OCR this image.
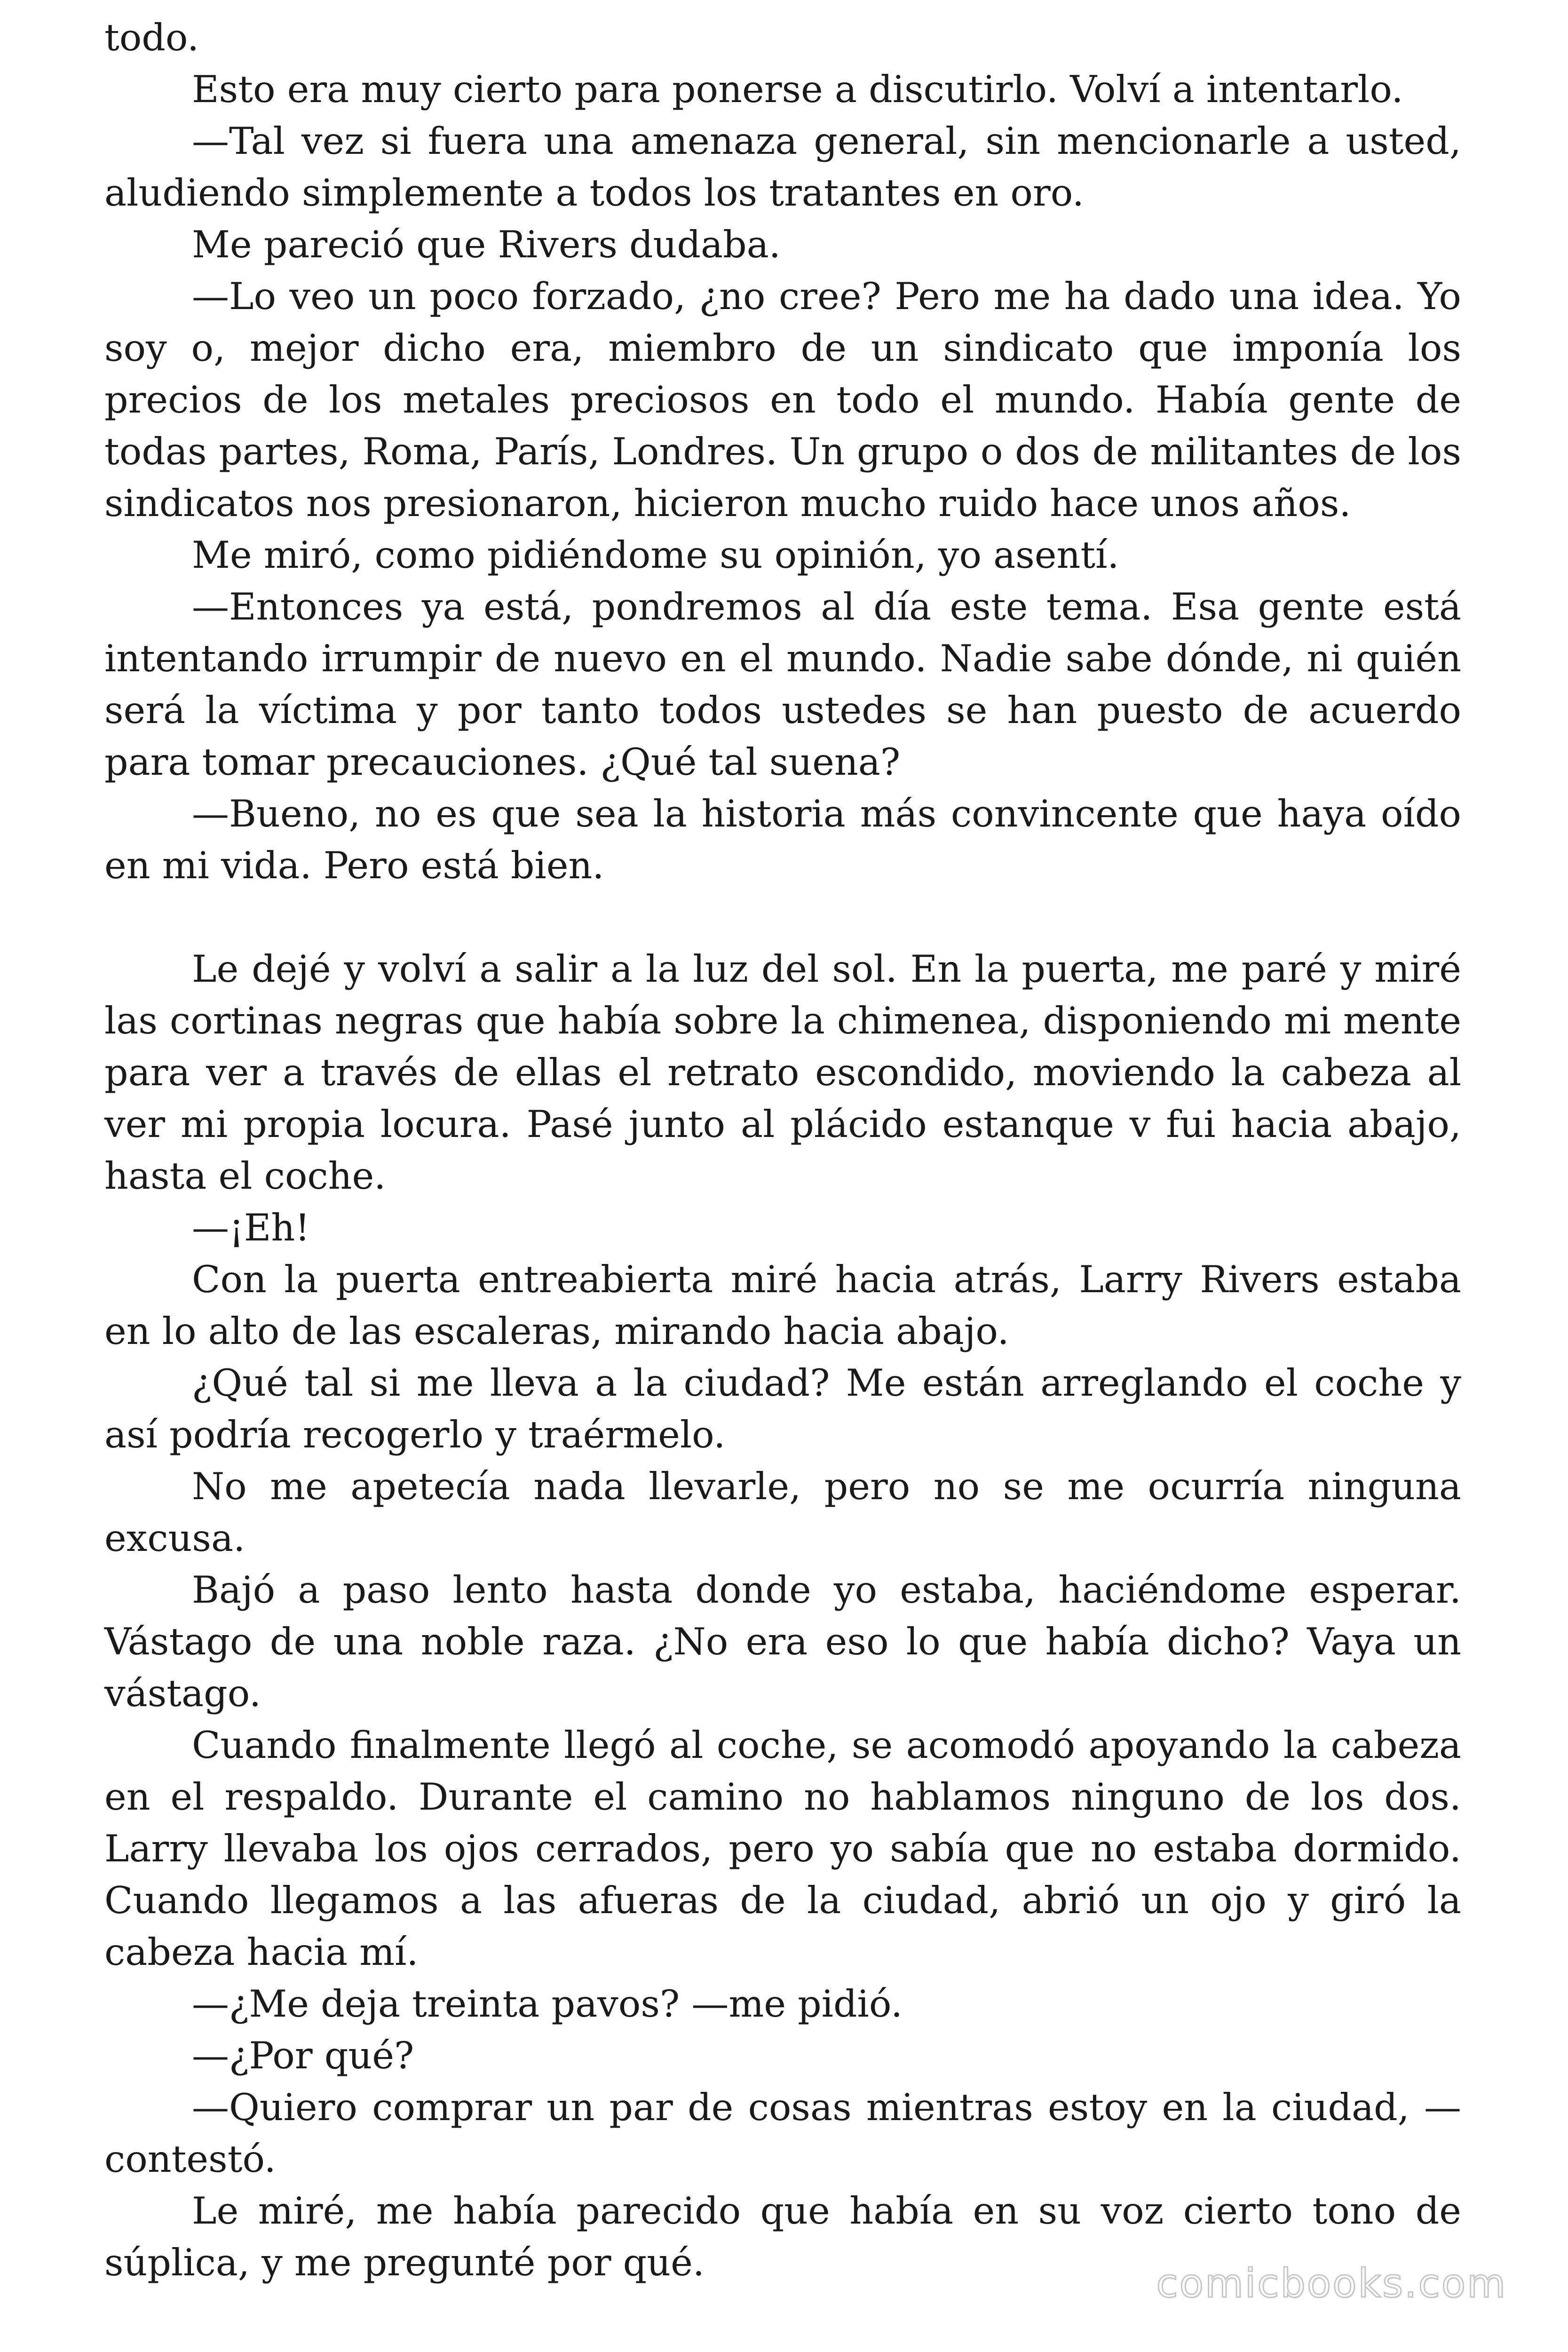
todo.

Esto era muy cierto para ponerse a discutirlo. Volví a intentarlo.

—Tal vez si fuera una amenaza general, sin mencionarle a usted, aludiendo simplemente a todos los tratantes en oro.

Me pareció que Rivers dudaba.

—Lo veo un poco forzado, ¿no cree? Pero me ha dado una idea. Yo soy o, mejor dicho era, miembro de un sindicato que imponía los precios de los metales preciosos en todo el mundo. Había gente de todas partes, Roma, París, Londres. Un grupo o dos de militantes de los sindicatos nos presionaron, hicieron mucho ruido hace unos años.

Me miró, como pidiéndome su opinión, yo asentí.

—Entonces ya está, pondremos al día este tema. Esa gente está intentando irrumpir de nuevo en el mundo. Nadie sabe dónde, ni quién será la víctima y por tanto todos ustedes se han puesto de acuerdo para tomar precauciones. ¿Qué tal suena?

—Bueno, no es que sea la historia más convincente que haya oído en mi vida. Pero está bien.

Le dejé y volví a salir a la luz del sol. En la puerta, me paré y miré las cortinas negras que había sobre la chimenea, disponiendo mi mente para ver a través de ellas el retrato escondido, moviendo la cabeza al ver mi propia locura. Pasé junto al plácido estanque v fui hacia abajo, hasta el coche.

—¡Eh!

Con la puerta entreabierta miré hacia atrás, Larry Rivers estaba en lo alto de las escaleras, mirando hacia abajo.

¿Qué tal si me lleva a la ciudad? Me están arreglando el coche y así podría recogerlo y traérmelo.

No me apetecía nada llevarle, pero no se me ocurría ninguna excusa.

Bajó a paso lento hasta donde yo estaba, haciéndome esperar. Vástago de una noble raza. ¿No era eso lo que había dicho? Vaya un vástago.

Cuando finalmente llegó al coche, se acomodó apoyando la cabeza en el respaldo. Durante el camino no hablamos ninguno de los dos. Larry llevaba los ojos cerrados, pero yo sabía que no estaba dormido. Cuando llegamos a las afueras de la ciudad, abrió un ojo y giró la cabeza hacia mí.

—¿Me deja treinta pavos? —me pidió.

—¿Por qué?

—Quiero comprar un par de cosas mientras estoy en la ciudad, —contestó.

Le miré, me había parecido que había en su voz cierto tono de súplica, y me pregunté por qué.	comicbooks.com
